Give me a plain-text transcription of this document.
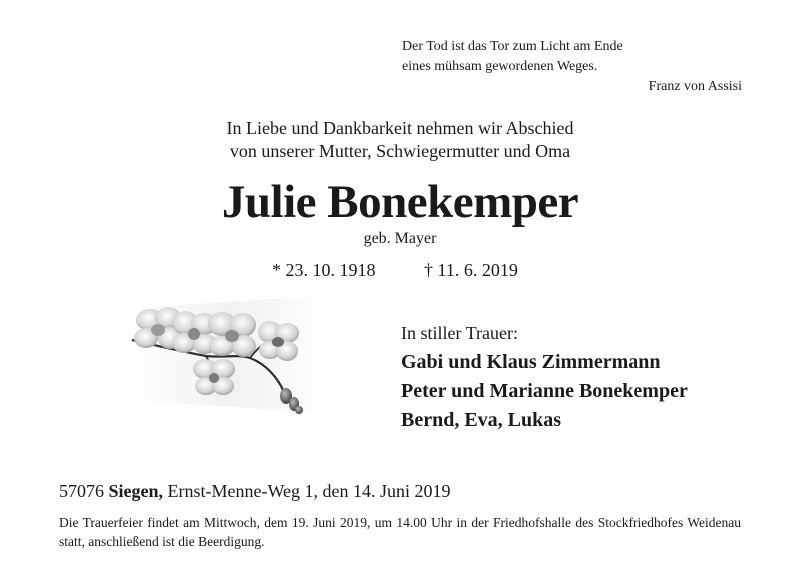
Der Tod ist das Tor zum Licht am Ende
eines mühsam gewordenen Weges.
Franz von Assisi
In Liebe und Dankbarkeit nehmen wir Abschied
von unserer Mutter, Schwiegermutter und Oma
Julie Bonekemper
geb. Mayer
* 23. 10. 1918	† 11. 6. 2019
In stiller Trauer:
Gabi und Klaus Zimmermann
Peter und Marianne Bonekemper
Bernd, Eva, Lukas
57076 Siegen, Ernst-Menne-Weg 1, den 14. Juni 2019
Die Trauerfeier findet am Mittwoch, dem 19. Juni 2019, um 14.00 Uhr in der Friedhofshalle des Stockfriedhofes Weidenau statt, anschließend ist die Beerdigung.
